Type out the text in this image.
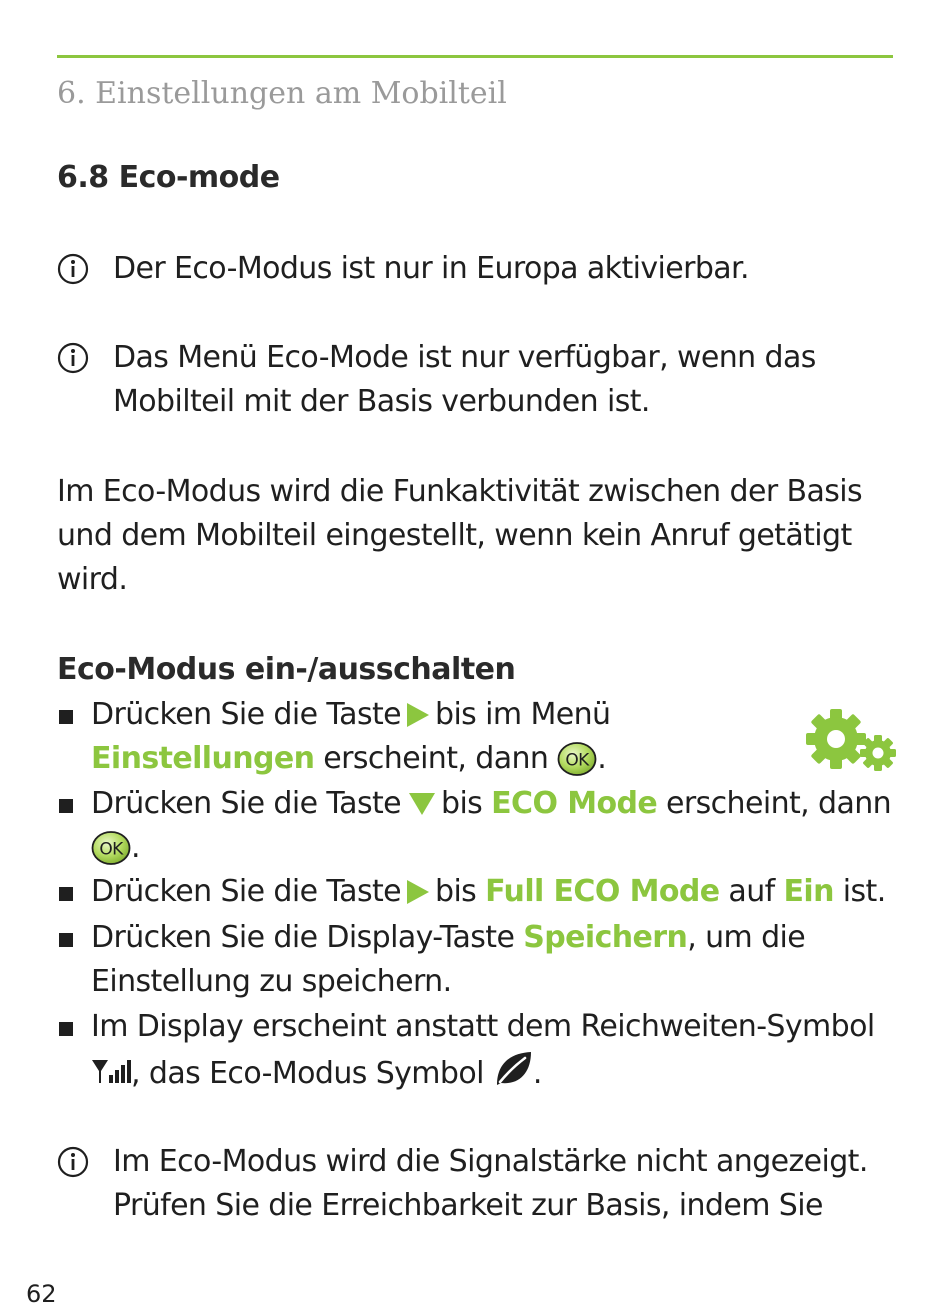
6. Einstellungen am Mobilteil
6.8 Eco-mode
Der Eco-Modus ist nur in Europa aktivierbar.
Das Menü Eco-Mode ist nur verfügbar, wenn das
Mobilteil mit der Basis verbunden ist.
Im Eco-Modus wird die Funkaktivität zwischen der Basis
und dem Mobilteil eingestellt, wenn kein Anruf getätigt
wird.
Eco-Modus ein-/ausschalten
Drücken Sie die Taste bis im Menü
Einstellungen erscheint, dann OK .
Drücken Sie die Taste bis ECO Mode erscheint, dann
OK .
Drücken Sie die Taste bis Full ECO Mode auf Ein ist.
Drücken Sie die Display-Taste Speichern, um die
Einstellung zu speichern.
Im Display erscheint anstatt dem Reichweiten-Symbol
, das Eco-Modus Symbol .
Im Eco-Modus wird die Signalstärke nicht angezeigt.
Prüfen Sie die Erreichbarkeit zur Basis, indem Sie
62
